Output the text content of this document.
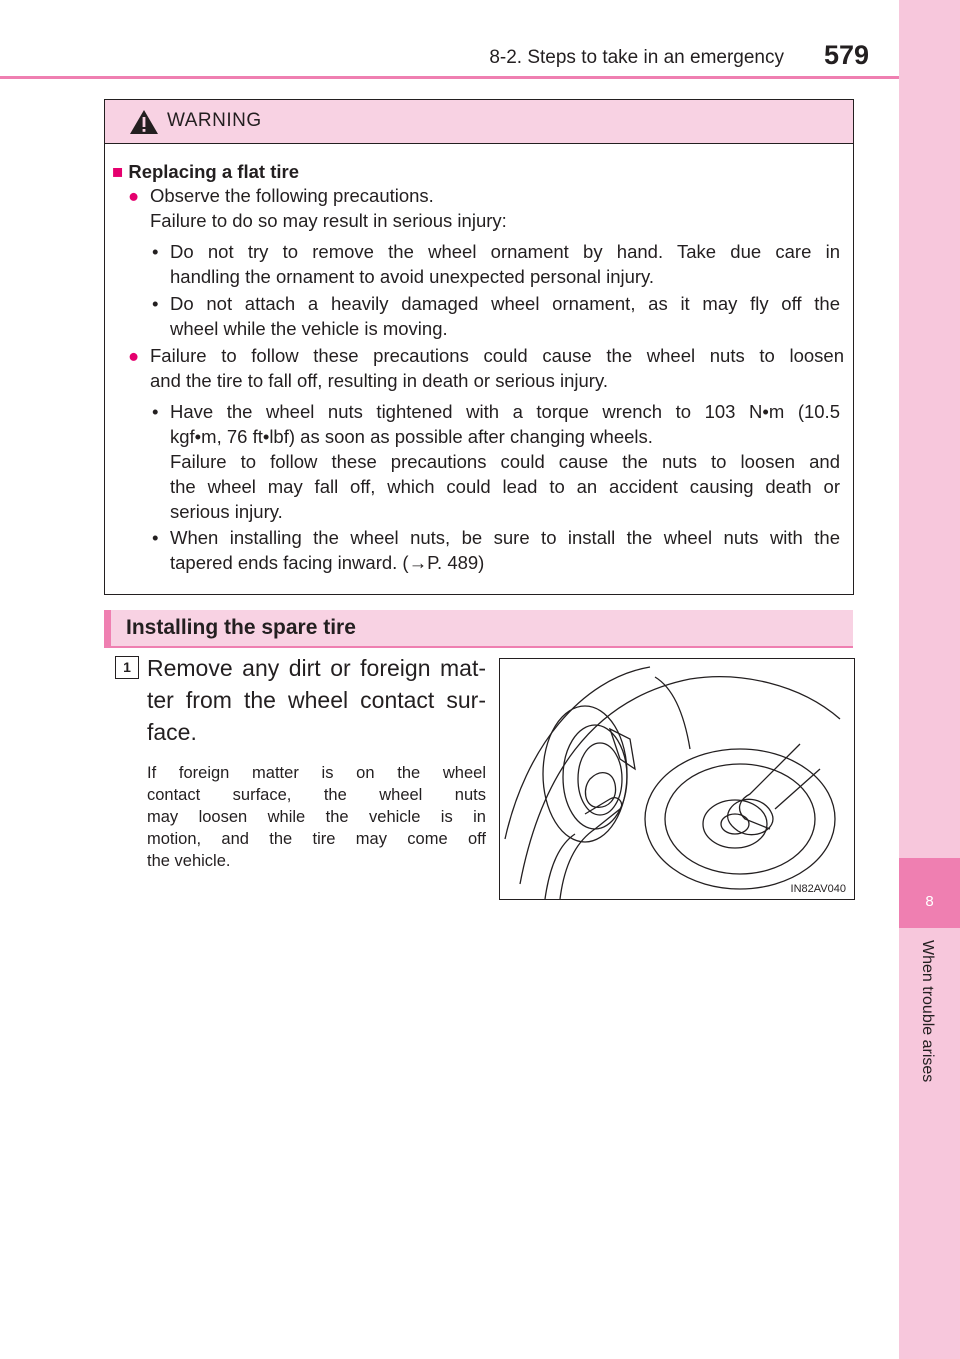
8-2. Steps to take in an emergency 579
8
When trouble arises
WARNING
■ Replacing a flat tire
● Observe the following precautions.
Failure to do so may result in serious injury:
• Do not try to remove the wheel ornament by hand. Take due care in
handling the ornament to avoid unexpected personal injury.
• Do not attach a heavily damaged wheel ornament, as it may fly off the
wheel while the vehicle is moving.
● Failure to follow these precautions could cause the wheel nuts to loosen
and the tire to fall off, resulting in death or serious injury.
• Have the wheel nuts tightened with a torque wrench to 103 N•m (10.5
kgf•m, 76 ft•lbf) as soon as possible after changing wheels.
Failure to follow these precautions could cause the nuts to loosen and
the wheel may fall off, which could lead to an accident causing death or
serious injury.
• When installing the wheel nuts, be sure to install the wheel nuts with the
tapered ends facing inward. (→P. 489)
Installing the spare tire
1 Remove any dirt or foreign mat-
ter from the wheel contact sur-
face.
If foreign matter is on the wheel
contact surface, the wheel nuts
may loosen while the vehicle is in
motion, and the tire may come off
the vehicle.
IN82AV040
